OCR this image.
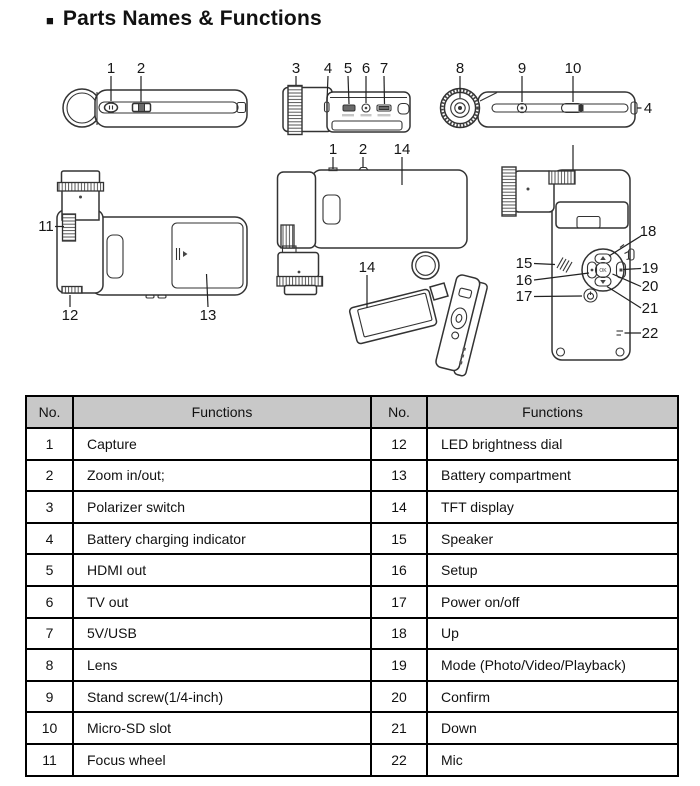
■ Parts Names & Functions
1 2	3 4 5 6 7	8	9	10
4
11
12	13
1 2 14
14	OK
15
16
17
18
19
20
21
22
No.	Functions	No.	Functions
1	Capture	12	LED brightness dial
2	Zoom in/out;	13	Battery compartment
3	Polarizer switch	14	TFT display
4	Battery charging indicator	15	Speaker
5	HDMI out	16	Setup
6	TV out	17	Power on/off
7	5V/USB	18	Up
8	Lens	19	Mode (Photo/Video/Playback)
9	Stand screw(1/4-inch)	20	Confirm
10	Micro-SD slot	21	Down
11	Focus wheel	22	Mic
